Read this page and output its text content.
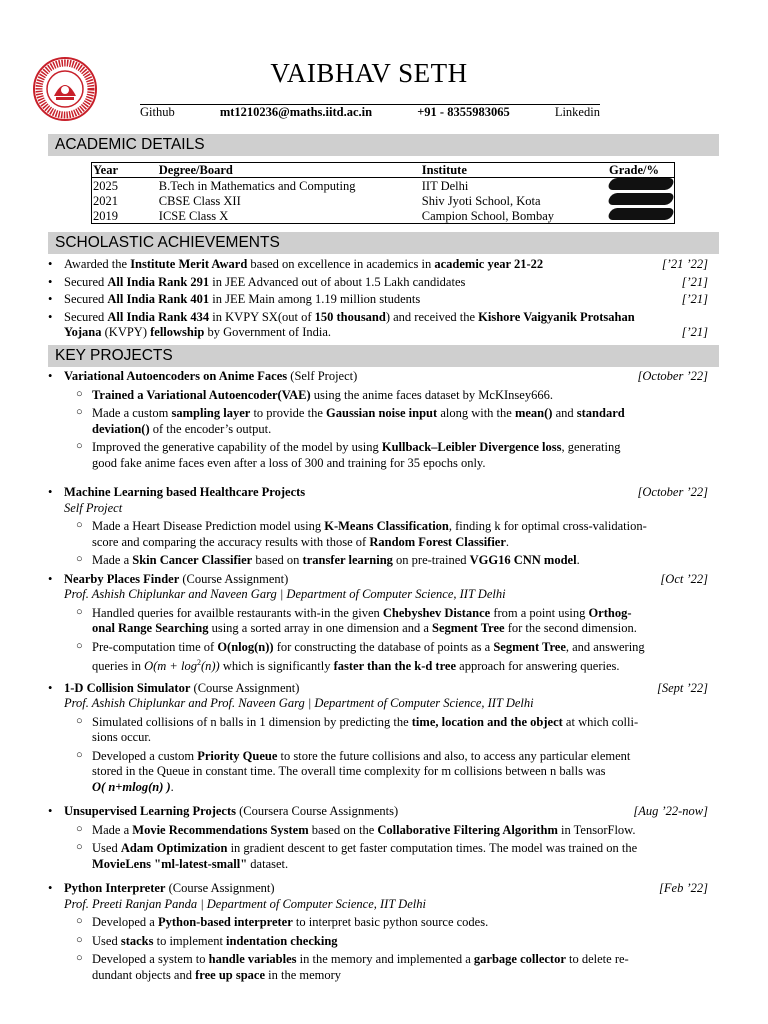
VAIBHAV SETH
Github	mt1210236@maths.iitd.ac.in	+91 - 8355983065	Linkedin
ACADEMIC DETAILS
Year	Degree/Board	Institute	Grade/%
2025	B.Tech in Mathematics and Computing	IIT Delhi	
2021	CBSE Class XII	Shiv Jyoti School, Kota	
2019	ICSE Class X	Campion School, Bombay	
SCHOLASTIC ACHIEVEMENTS
• Awarded the Institute Merit Award based on excellence in academics in academic year 21-22	[’21 ’22]
• Secured All India Rank 291 in JEE Advanced out of about 1.5 Lakh candidates	[’21]
• Secured All India Rank 401 in JEE Main among 1.19 million students	[’21]
• Secured All India Rank 434 in KVPY SX(out of 150 thousand) and received the Kishore Vaigyanik Protsahan
Yojana (KVPY) fellowship by Government of India.	[’21]
KEY PROJECTS
• Variational Autoencoders on Anime Faces (Self Project)	[October ’22]
○ Trained a Variational Autoencoder(VAE) using the anime faces dataset by McKInsey666.
○ Made a custom sampling layer to provide the Gaussian noise input along with the mean() and standard
deviation() of the encoder’s output.
○ Improved the generative capability of the model by using Kullback–Leibler Divergence loss, generating
good fake anime faces even after a loss of 300 and training for 35 epochs only.
• Machine Learning based Healthcare Projects	[October ’22]
Self Project
○ Made a Heart Disease Prediction model using K-Means Classification, finding k for optimal cross-validation-
score and comparing the accuracy results with those of Random Forest Classifier.
○ Made a Skin Cancer Classifier based on transfer learning on pre-trained VGG16 CNN model.
• Nearby Places Finder (Course Assignment)	[Oct ’22]
Prof. Ashish Chiplunkar and Naveen Garg | Department of Computer Science, IIT Delhi
○ Handled queries for availble restaurants with-in the given Chebyshev Distance from a point using Orthog-
onal Range Searching using a sorted array in one dimension and a Segment Tree for the second dimension.
○ Pre-computation time of O(nlog(n)) for constructing the database of points as a Segment Tree, and answering
queries in $O(m + \log^2(n))$ which is significantly faster than the k-d tree approach for answering queries.
• 1-D Collision Simulator (Course Assignment)	[Sept ’22]
Prof. Ashish Chiplunkar and Prof. Naveen Garg | Department of Computer Science, IIT Delhi
○ Simulated collisions of n balls in 1 dimension by predicting the time, location and the object at which colli-
sions occur.
○ Developed a custom Priority Queue to store the future collisions and also, to access any particular element
stored in the Queue in constant time. The overall time complexity for m collisions between n balls was
O( n+mlog(n) ).
• Unsupervised Learning Projects (Coursera Course Assignments)	[Aug ’22-now]
○ Made a Movie Recommendations System based on the Collaborative Filtering Algorithm in TensorFlow.
○ Used Adam Optimization in gradient descent to get faster computation times. The model was trained on the
MovieLens "ml-latest-small" dataset.
• Python Interpreter (Course Assignment)	[Feb ’22]
Prof. Preeti Ranjan Panda | Department of Computer Science, IIT Delhi
○ Developed a Python-based interpreter to interpret basic python source codes.
○ Used stacks to implement indentation checking
○ Developed a system to handle variables in the memory and implemented a garbage collector to delete re-
dundant objects and free up space in the memory
